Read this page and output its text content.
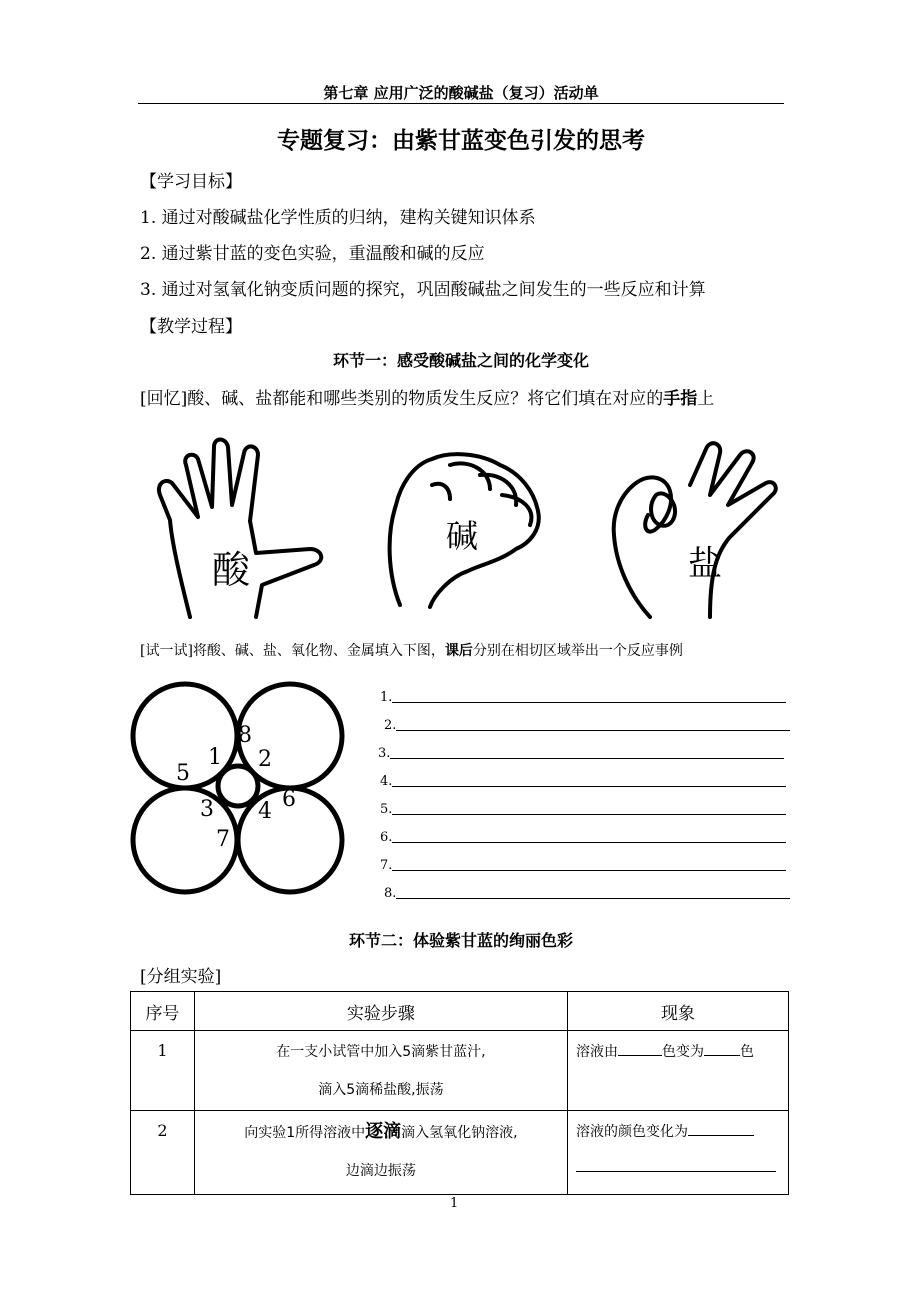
第七章 应用广泛的酸碱盐（复习）活动单
专题复习：由紫甘蓝变色引发的思考
【学习目标】
1. 通过对酸碱盐化学性质的归纳，建构关键知识体系
2. 通过紫甘蓝的变色实验，重温酸和碱的反应
3. 通过对氢氧化钠变质问题的探究，巩固酸碱盐之间发生的一些反应和计算
【教学过程】
环节一：感受酸碱盐之间的化学变化
[回忆]酸、碱、盐都能和哪些类别的物质发生反应？将它们填在对应的手指上
酸
碱
盐
[试一试]将酸、碱、盐、氧化物、金属填入下图，课后分别在相切区域举出一个反应事例
1 2
3 4
5
6
7
8
1.
2.
3.
4.
5.
6.
7.
8.
环节二：体验紫甘蓝的绚丽色彩
[分组实验]
序号	实验步骤	现象
1	在一支小试管中加入5滴紫甘蓝汁,
滴入5滴稀盐酸,振荡	溶液由 色变为 色
2	向实验1所得溶液中逐滴滴入氢氧化钠溶液,
边滴边振荡	溶液的颜色变化为
1
